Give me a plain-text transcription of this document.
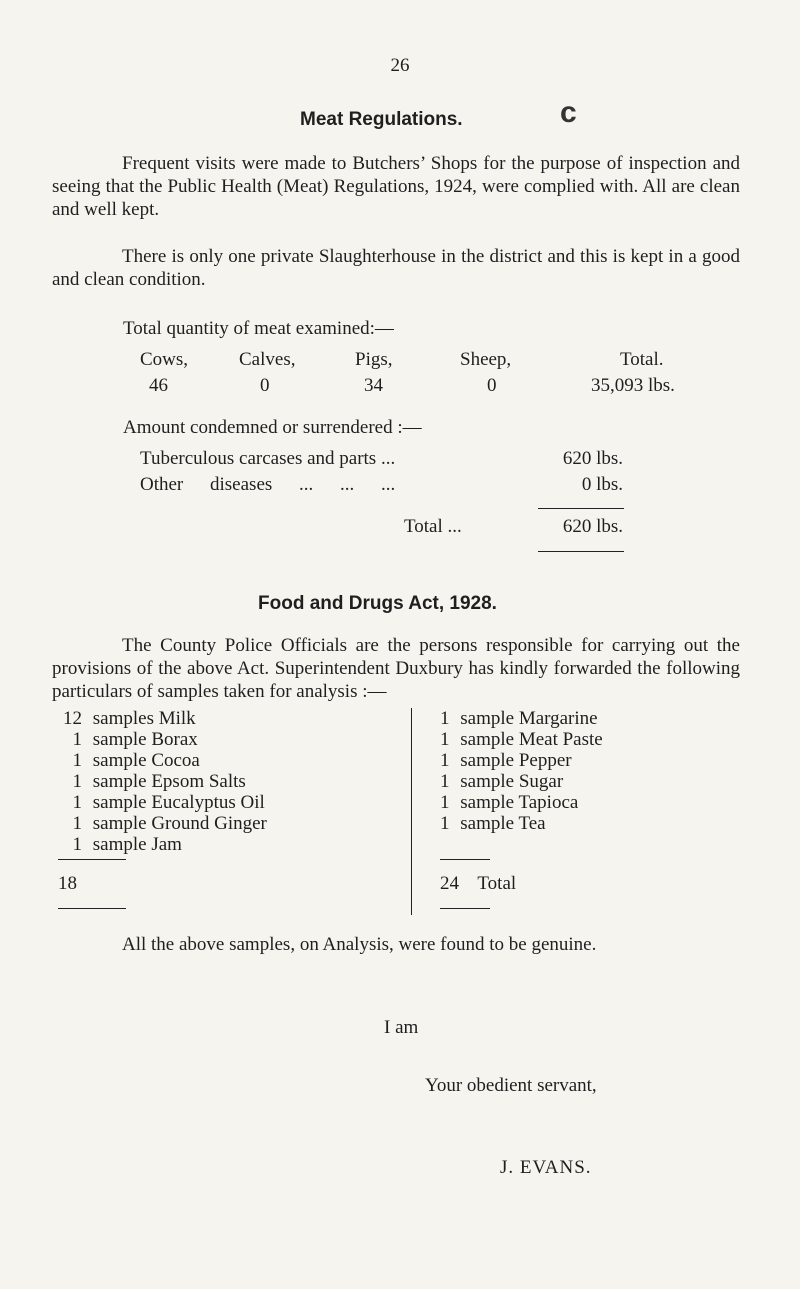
26
Meat Regulations.	c
Frequent visits were made to Butchers’ Shops for the purpose of inspection and seeing that the Public Health (Meat) Regulations, 1924, were complied with. All are clean and well kept.
There is only one private Slaughterhouse in the district and this is kept in a good and clean condition.
Total quantity of meat examined:—
Cows,	Calves,	Pigs,	Sheep,	Total.
46	0	34	0	35,093 lbs.
Amount condemned or surrendered :—
Tuberculous carcases and parts ...	620 lbs.
Other diseases ... ... ...	0 lbs.
Total ...	620 lbs.
Food and Drugs Act, 1928.
The County Police Officials are the persons responsible for carrying out the provisions of the above Act. Superintendent Duxbury has kindly forwarded the following particulars of samples taken for analysis :—
12 samples Milk
1 sample Borax
1 sample Cocoa
1 sample Epsom Salts
1 sample Eucalyptus Oil
1 sample Ground Ginger
1 sample Jam
18
1 sample Margarine
1 sample Meat Paste
1 sample Pepper
1 sample Sugar
1 sample Tapioca
1 sample Tea
24 Total
All the above samples, on Analysis, were found to be genuine.
I am
Your obedient servant,
J. EVANS.
